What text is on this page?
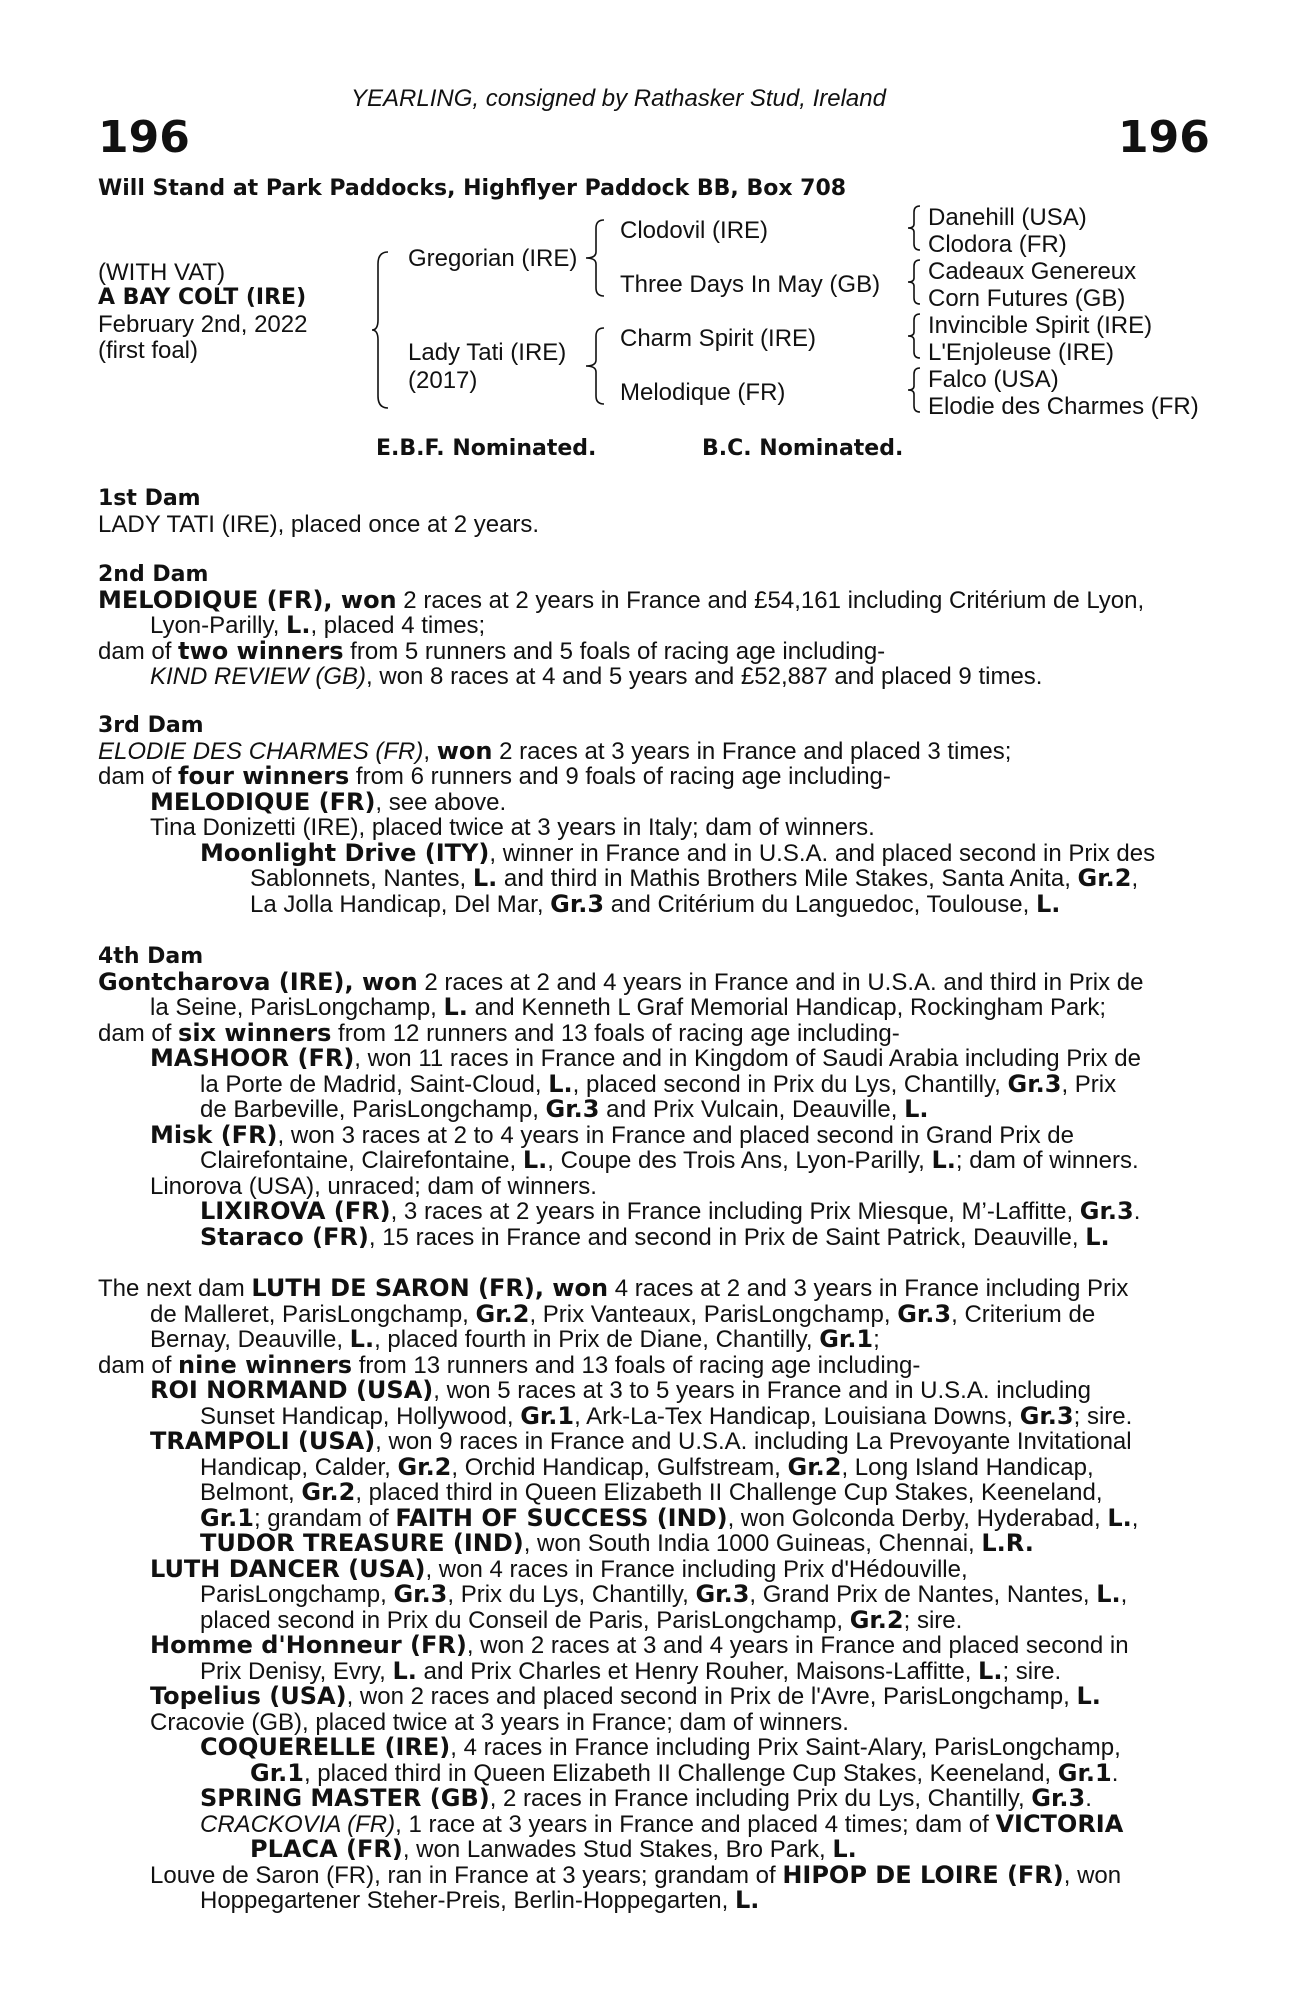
YEARLING, consigned by Rathasker Stud, Ireland
196	196
Will Stand at Park Paddocks, Highflyer Paddock BB, Box 708
(WITH VAT)
A BAY COLT (IRE)
February 2nd, 2022
(first foal)
Gregorian (IRE)
Lady Tati (IRE)
(2017)
Clodovil (IRE)
Three Days In May (GB)
Charm Spirit (IRE)
Melodique (FR)
Danehill (USA)
Clodora (FR)
Cadeaux Genereux
Corn Futures (GB)
Invincible Spirit (IRE)
L'Enjoleuse (IRE)
Falco (USA)
Elodie des Charmes (FR)
E.B.F. Nominated.	B.C. Nominated.
1st Dam
LADY TATI (IRE), placed once at 2 years.
2nd Dam
MELODIQUE (FR), won 2 races at 2 years in France and £54,161 including Critérium de Lyon,
Lyon-Parilly, L., placed 4 times;
dam of two winners from 5 runners and 5 foals of racing age including-
KIND REVIEW (GB), won 8 races at 4 and 5 years and £52,887 and placed 9 times.
3rd Dam
ELODIE DES CHARMES (FR), won 2 races at 3 years in France and placed 3 times;
dam of four winners from 6 runners and 9 foals of racing age including-
MELODIQUE (FR), see above.
Tina Donizetti (IRE), placed twice at 3 years in Italy; dam of winners.
Moonlight Drive (ITY), winner in France and in U.S.A. and placed second in Prix des
Sablonnets, Nantes, L. and third in Mathis Brothers Mile Stakes, Santa Anita, Gr.2,
La Jolla Handicap, Del Mar, Gr.3 and Critérium du Languedoc, Toulouse, L.
4th Dam
Gontcharova (IRE), won 2 races at 2 and 4 years in France and in U.S.A. and third in Prix de
la Seine, ParisLongchamp, L. and Kenneth L Graf Memorial Handicap, Rockingham Park;
dam of six winners from 12 runners and 13 foals of racing age including-
MASHOOR (FR), won 11 races in France and in Kingdom of Saudi Arabia including Prix de
la Porte de Madrid, Saint-Cloud, L., placed second in Prix du Lys, Chantilly, Gr.3, Prix
de Barbeville, ParisLongchamp, Gr.3 and Prix Vulcain, Deauville, L.
Misk (FR), won 3 races at 2 to 4 years in France and placed second in Grand Prix de
Clairefontaine, Clairefontaine, L., Coupe des Trois Ans, Lyon-Parilly, L.; dam of winners.
Linorova (USA), unraced; dam of winners.
LIXIROVA (FR), 3 races at 2 years in France including Prix Miesque, M’-Laffitte, Gr.3.
Staraco (FR), 15 races in France and second in Prix de Saint Patrick, Deauville, L.
The next dam LUTH DE SARON (FR), won 4 races at 2 and 3 years in France including Prix
de Malleret, ParisLongchamp, Gr.2, Prix Vanteaux, ParisLongchamp, Gr.3, Criterium de
Bernay, Deauville, L., placed fourth in Prix de Diane, Chantilly, Gr.1;
dam of nine winners from 13 runners and 13 foals of racing age including-
ROI NORMAND (USA), won 5 races at 3 to 5 years in France and in U.S.A. including
Sunset Handicap, Hollywood, Gr.1, Ark-La-Tex Handicap, Louisiana Downs, Gr.3; sire.
TRAMPOLI (USA), won 9 races in France and U.S.A. including La Prevoyante Invitational
Handicap, Calder, Gr.2, Orchid Handicap, Gulfstream, Gr.2, Long Island Handicap,
Belmont, Gr.2, placed third in Queen Elizabeth II Challenge Cup Stakes, Keeneland,
Gr.1; grandam of FAITH OF SUCCESS (IND), won Golconda Derby, Hyderabad, L.,
TUDOR TREASURE (IND), won South India 1000 Guineas, Chennai, L.R.
LUTH DANCER (USA), won 4 races in France including Prix d'Hédouville,
ParisLongchamp, Gr.3, Prix du Lys, Chantilly, Gr.3, Grand Prix de Nantes, Nantes, L.,
placed second in Prix du Conseil de Paris, ParisLongchamp, Gr.2; sire.
Homme d'Honneur (FR), won 2 races at 3 and 4 years in France and placed second in
Prix Denisy, Evry, L. and Prix Charles et Henry Rouher, Maisons-Laffitte, L.; sire.
Topelius (USA), won 2 races and placed second in Prix de l'Avre, ParisLongchamp, L.
Cracovie (GB), placed twice at 3 years in France; dam of winners.
COQUERELLE (IRE), 4 races in France including Prix Saint-Alary, ParisLongchamp,
Gr.1, placed third in Queen Elizabeth II Challenge Cup Stakes, Keeneland, Gr.1.
SPRING MASTER (GB), 2 races in France including Prix du Lys, Chantilly, Gr.3.
CRACKOVIA (FR), 1 race at 3 years in France and placed 4 times; dam of VICTORIA
PLACA (FR), won Lanwades Stud Stakes, Bro Park, L.
Louve de Saron (FR), ran in France at 3 years; grandam of HIPOP DE LOIRE (FR), won
Hoppegartener Steher-Preis, Berlin-Hoppegarten, L.
